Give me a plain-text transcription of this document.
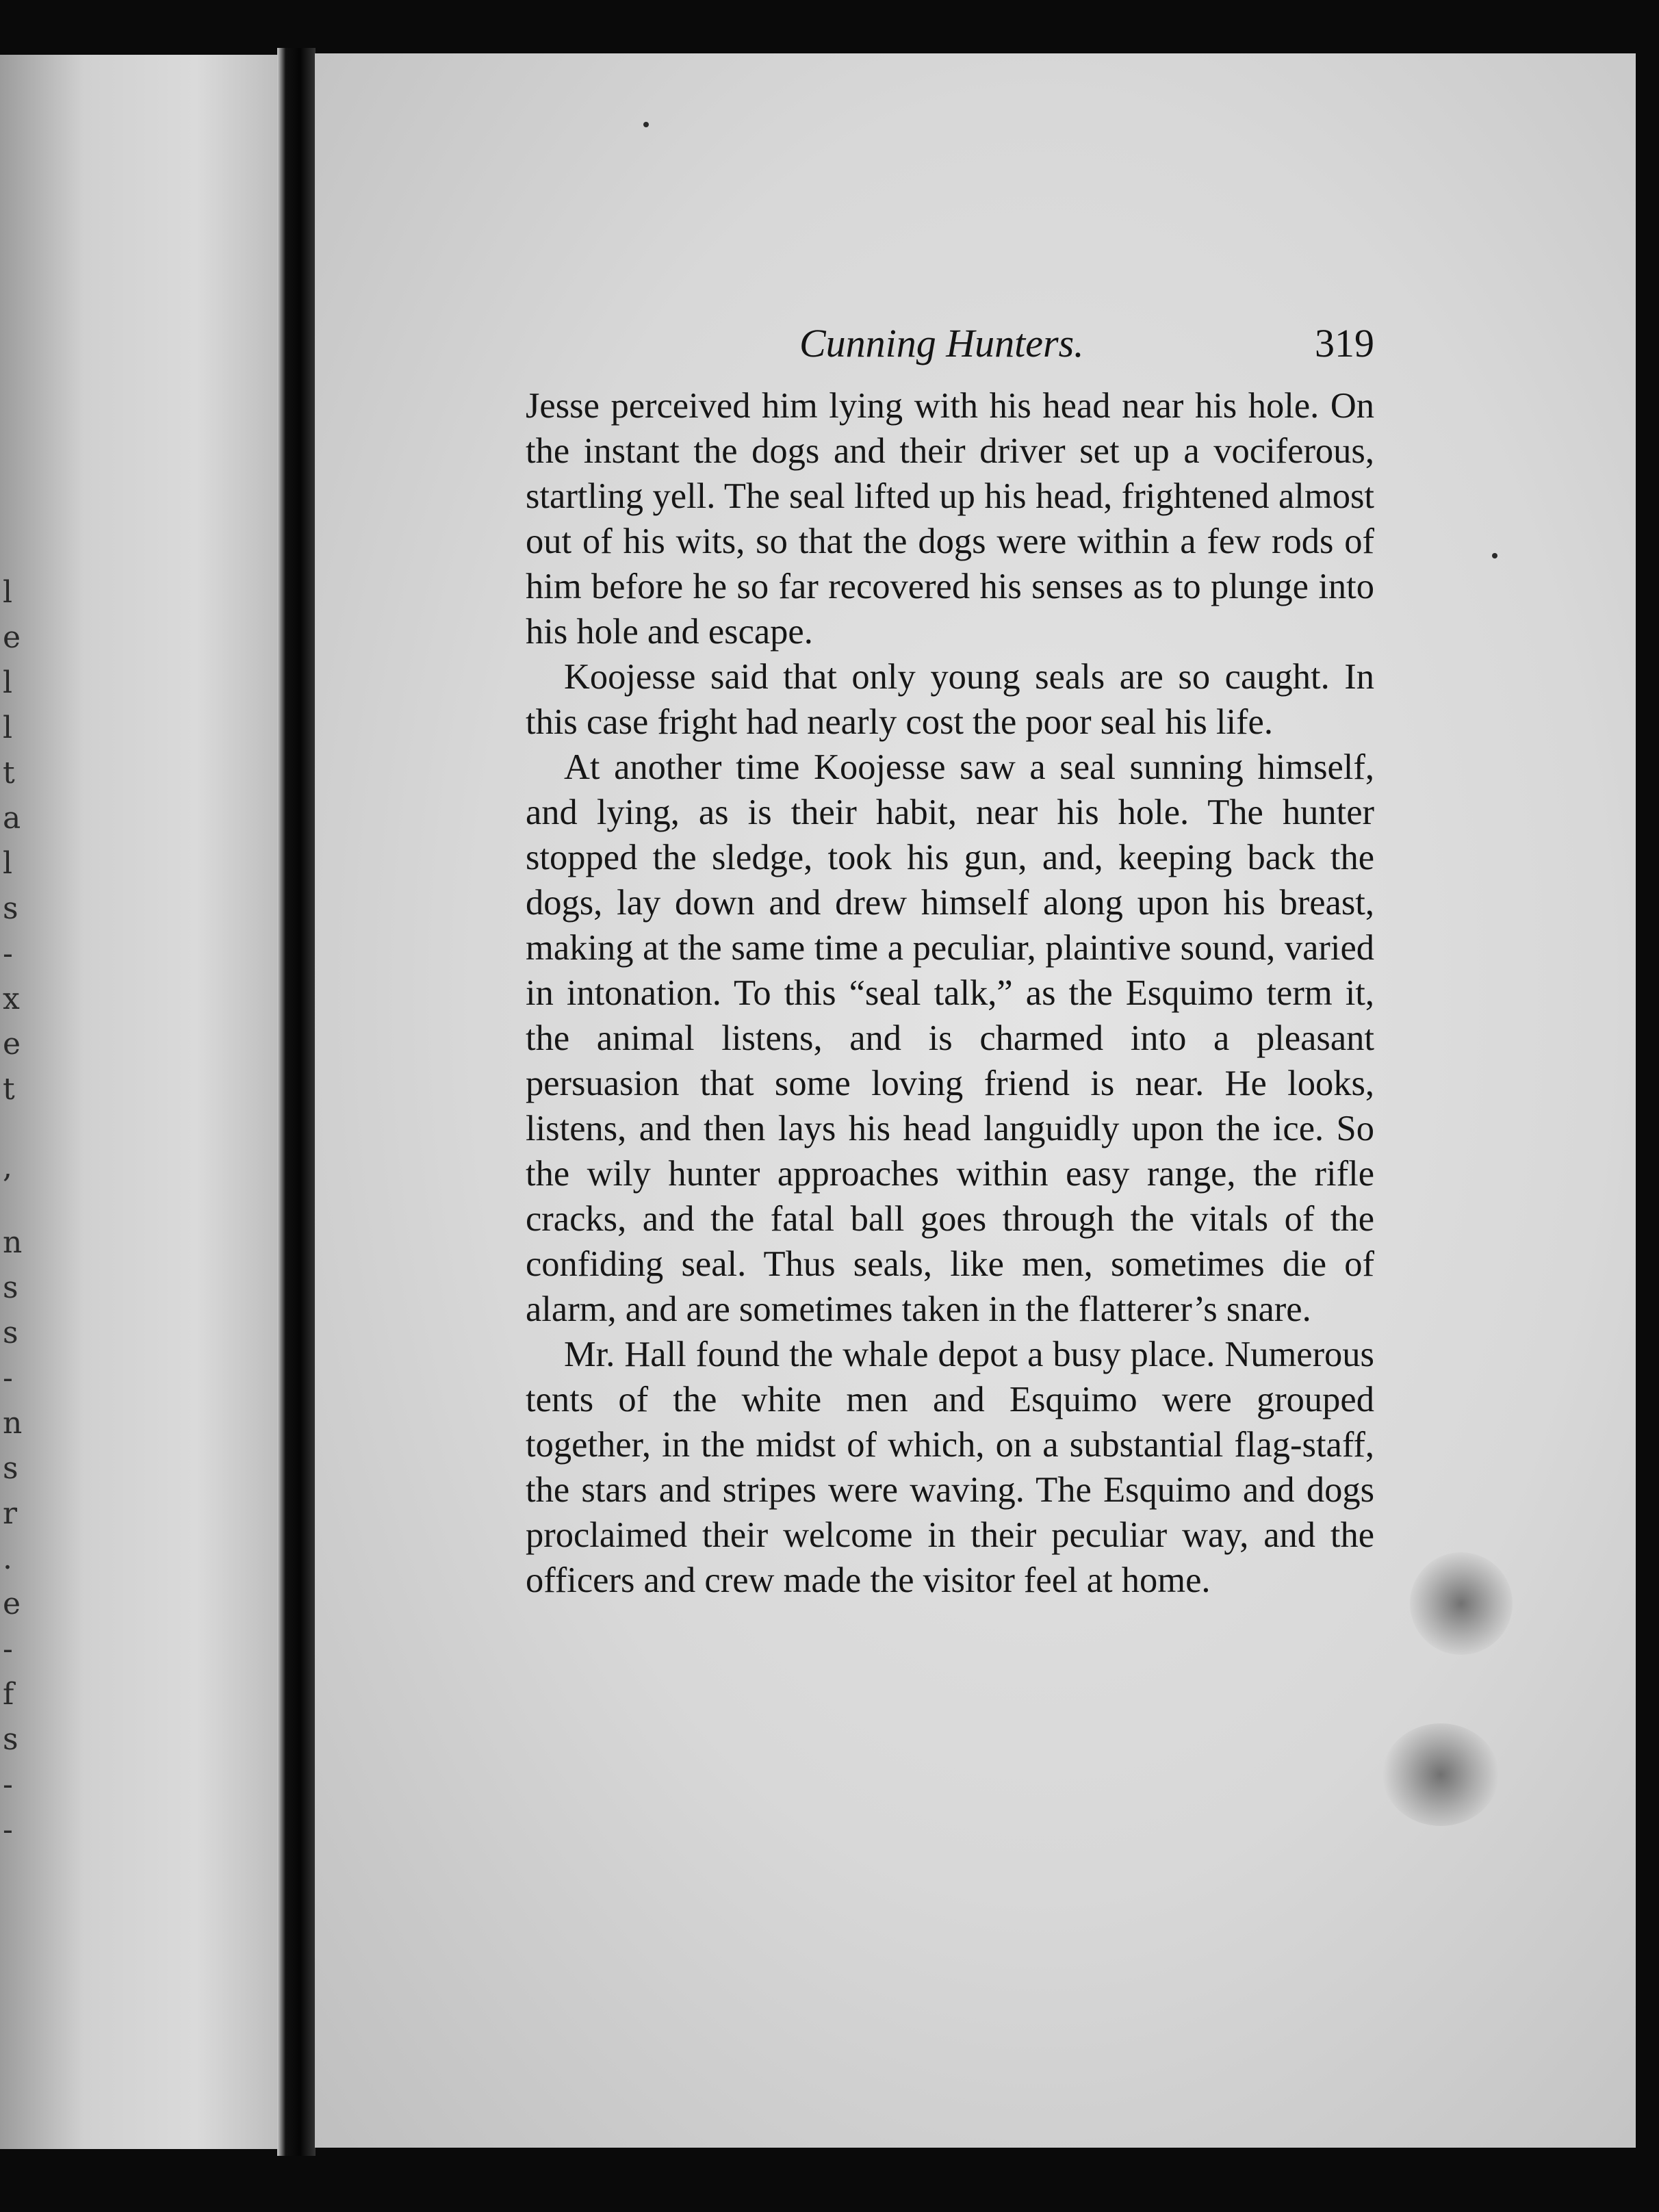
l
e
l
l
t
a
l
s
-
x
e
t
,
n
s
s
-
n
s
r
.
e
-
f
s
-
-
Cunning Hunters.	319

Jesse perceived him lying with his head near his hole. On the instant the dogs and their driver set up a vociferous, startling yell. The seal lifted up his head, frightened almost out of his wits, so that the dogs were within a few rods of him before he so far recovered his senses as to plunge into his hole and escape.

Koojesse said that only young seals are so caught. In this case fright had nearly cost the poor seal his life.

At another time Koojesse saw a seal sunning himself, and lying, as is their habit, near his hole. The hunter stopped the sledge, took his gun, and, keeping back the dogs, lay down and drew himself along upon his breast, making at the same time a peculiar, plaintive sound, varied in intonation. To this “seal talk,” as the Esquimo term it, the animal listens, and is charmed into a pleasant persuasion that some loving friend is near. He looks, listens, and then lays his head languidly upon the ice. So the wily hunter approaches within easy range, the rifle cracks, and the fatal ball goes through the vitals of the confiding seal. Thus seals, like men, sometimes die of alarm, and are sometimes taken in the flatterer’s snare.

Mr. Hall found the whale depot a busy place. Numerous tents of the white men and Esquimo were grouped together, in the midst of which, on a substantial flag-staff, the stars and stripes were waving. The Esquimo and dogs proclaimed their welcome in their peculiar way, and the officers and crew made the visitor feel at home.
